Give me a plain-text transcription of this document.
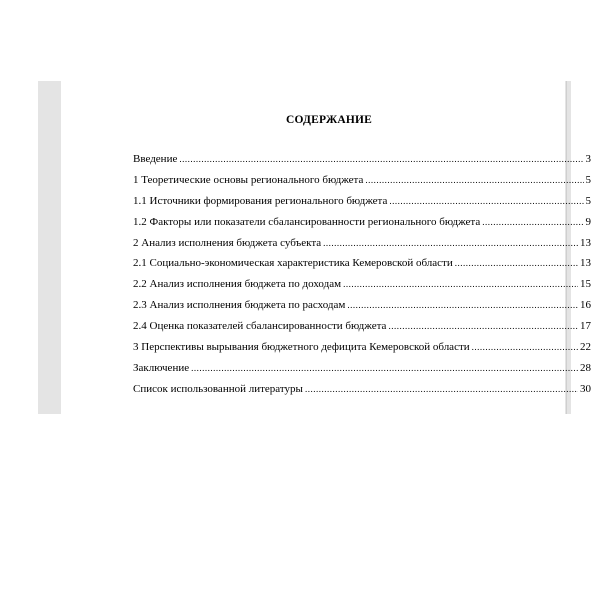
СОДЕРЖАНИЕ
Введение .....	3
1 Теоретические основы регионального бюджета .....	5
1.1 Источники формирования регионального бюджета .....	5
1.2 Факторы или показатели сбалансированности регионального бюджета .....	9
2 Анализ исполнения бюджета субъекта .....	13
2.1 Социально-экономическая характеристика Кемеровской области .....	13
2.2 Анализ исполнения бюджета по доходам .....	15
2.3 Анализ исполнения бюджета по расходам .....	16
2.4 Оценка показателей сбалансированности бюджета .....	17
3 Перспективы вырывания бюджетного дефицита Кемеровской области .....	22
Заключение .....	28
Список использованной литературы .....	30
